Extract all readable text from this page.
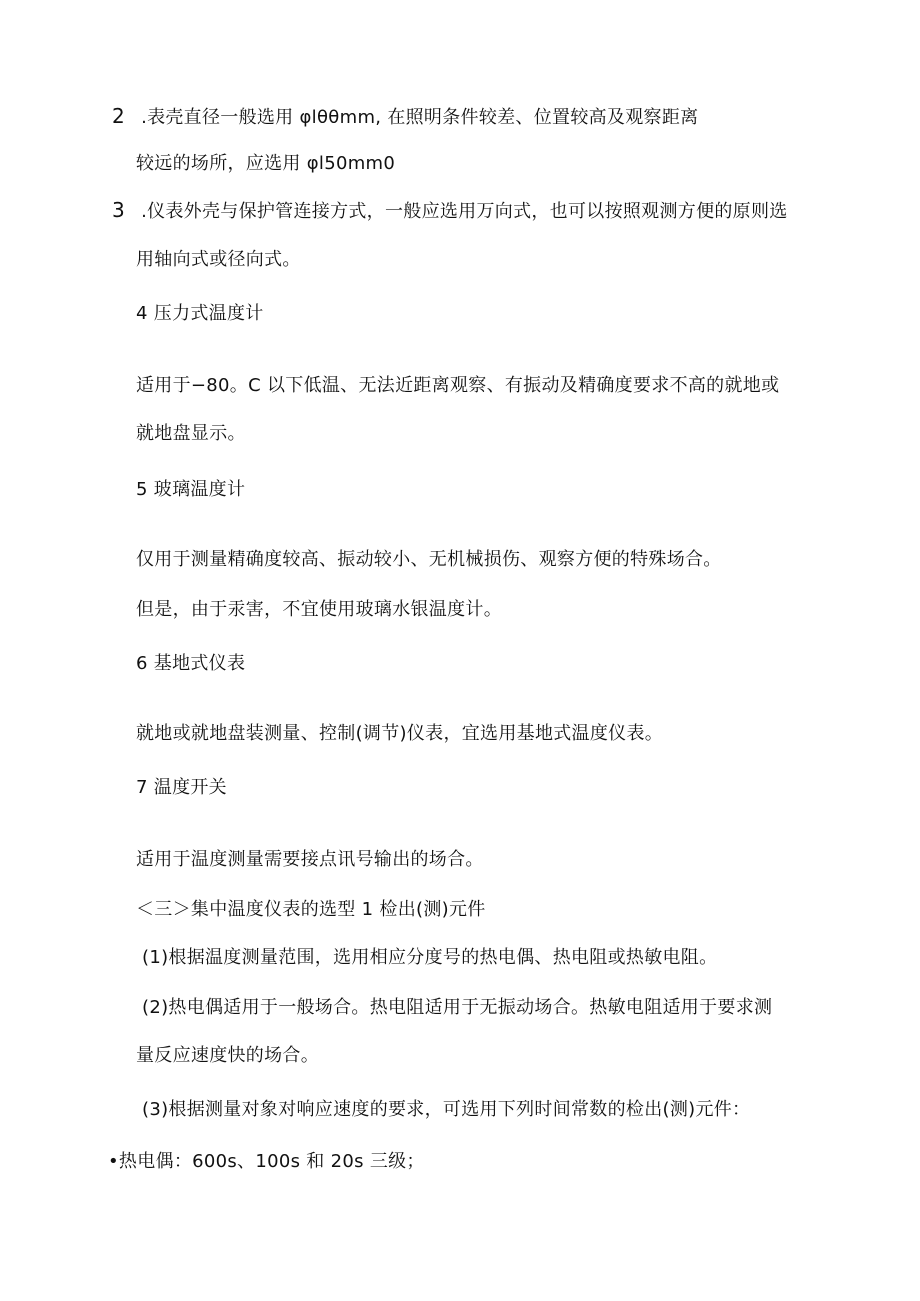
2 .表壳直径一般选用 φl​θθmm, 在照明条件较差、位置较高及观察距离
较远的场所，应选用 φl50mm0
3 .仪表外壳与保护管连接方式，一般应选用万向式，也可以按照观测方便的原则选
用轴向式或径向式。
4 压力式温度计
适用于−80。C 以下低温、无法近距离观察、有振动及精确度要求不高的就地或
就地盘显示。
5 玻璃温度计
仅用于测量精确度较高、振动较小、无机械损伤、观察方便的特殊场合。
但是，由于汞害，不宜使用玻璃水银温度计。
6 基地式仪表
就地或就地盘装测量、控制(调节)仪表，宜选用基地式温度仪表。
7 温度开关
适用于温度测量需要接点讯号输出的场合。
＜三＞集中温度仪表的选型 1 检出(测)元件
(1)根据温度测量范围，选用相应分度号的热电偶、热电阻或热敏电阻。
(2)热电偶适用于一般场合。热电阻适用于无振动场合。热敏电阻适用于要求测
量反应速度快的场合。
(3)根据测量对象对响应速度的要求，可选用下列时间常数的检出(测)元件：
•热电偶：600s、100s 和 20s 三级；
